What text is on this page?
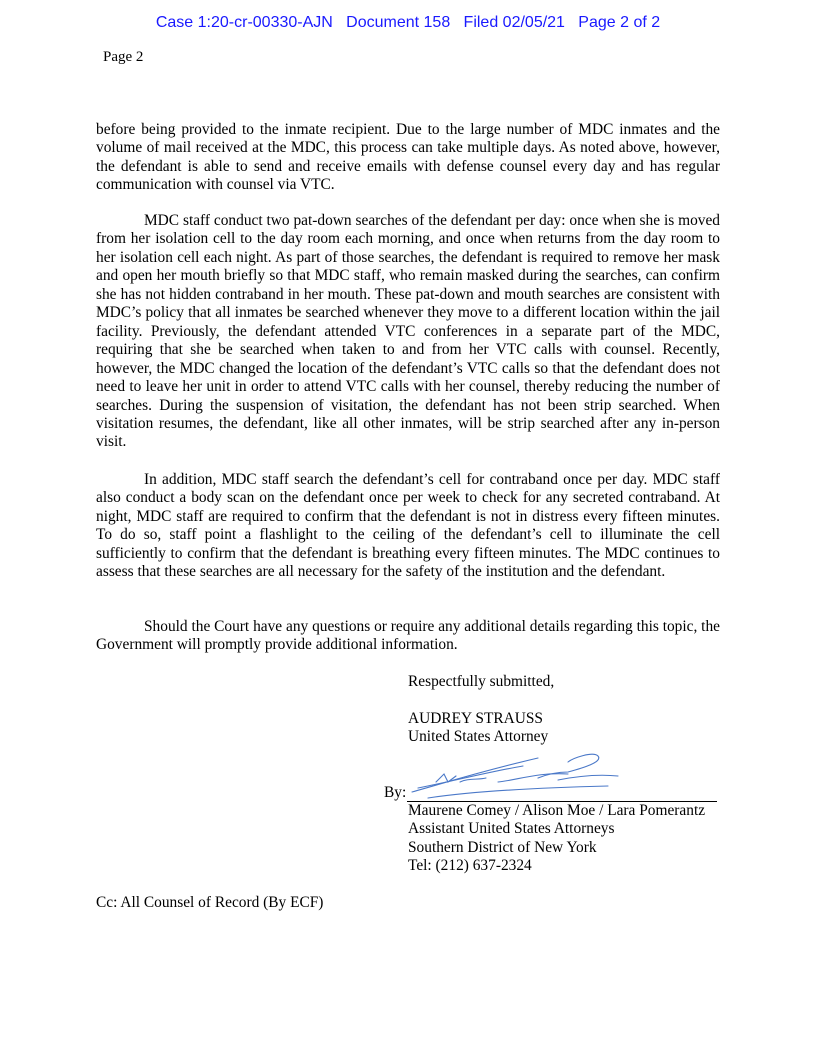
Case 1:20-cr-00330-AJN   Document 158   Filed 02/05/21   Page 2 of 2
Page 2

before being provided to the inmate recipient. Due to the large number of MDC inmates and the volume of mail received at the MDC, this process can take multiple days. As noted above, however, the defendant is able to send and receive emails with defense counsel every day and has regular communication with counsel via VTC.

MDC staff conduct two pat-down searches of the defendant per day: once when she is moved from her isolation cell to the day room each morning, and once when returns from the day room to her isolation cell each night. As part of those searches, the defendant is required to remove her mask and open her mouth briefly so that MDC staff, who remain masked during the searches, can confirm she has not hidden contraband in her mouth. These pat-down and mouth searches are consistent with MDC’s policy that all inmates be searched whenever they move to a different location within the jail facility. Previously, the defendant attended VTC conferences in a separate part of the MDC, requiring that she be searched when taken to and from her VTC calls with counsel. Recently, however, the MDC changed the location of the defendant’s VTC calls so that the defendant does not need to leave her unit in order to attend VTC calls with her counsel, thereby reducing the number of searches. During the suspension of visitation, the defendant has not been strip searched. When visitation resumes, the defendant, like all other inmates, will be strip searched after any in-person visit.

In addition, MDC staff search the defendant’s cell for contraband once per day. MDC staff also conduct a body scan on the defendant once per week to check for any secreted contraband. At night, MDC staff are required to confirm that the defendant is not in distress every fifteen minutes. To do so, staff point a flashlight to the ceiling of the defendant’s cell to illuminate the cell sufficiently to confirm that the defendant is breathing every fifteen minutes. The MDC continues to assess that these searches are all necessary for the safety of the institution and the defendant.

Should the Court have any questions or require any additional details regarding this topic, the Government will promptly provide additional information.

Respectfully submitted,
AUDREY STRAUSS
United States Attorney
By:
Maurene Comey / Alison Moe / Lara Pomerantz
Assistant United States Attorneys
Southern District of New York
Tel: (212) 637-2324
Cc: All Counsel of Record (By ECF)
